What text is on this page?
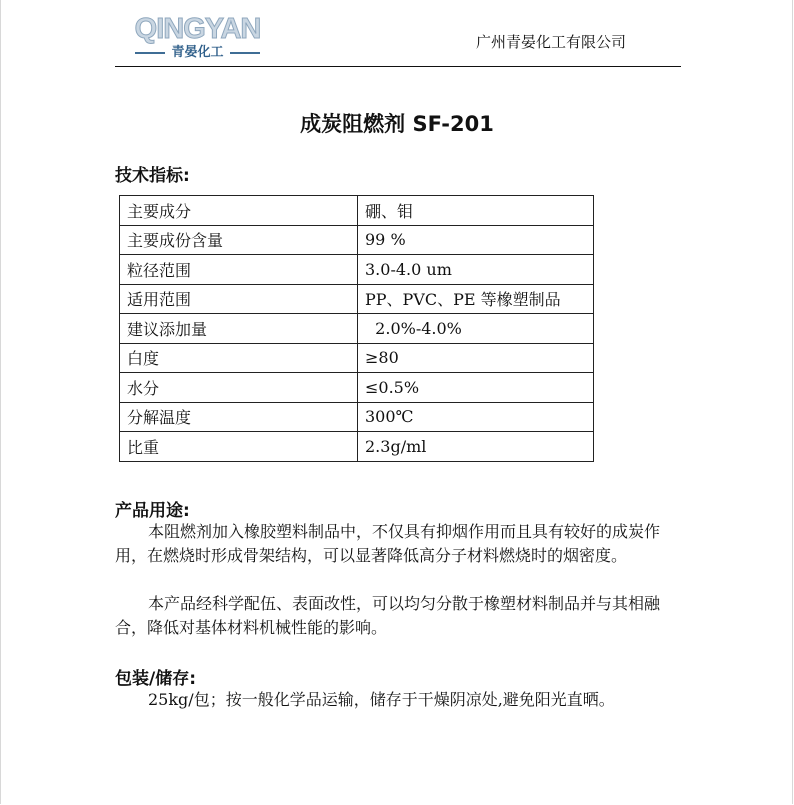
QINGYAN
青晏化工
广州青晏化工有限公司
成炭阻燃剂 SF-201
技术指标:
主要成分	硼、钼
主要成份含量	99 %
粒径范围	3.0-4.0 um
适用范围	PP、PVC、PE 等橡塑制品
建议添加量	2.0%-4.0%
白度	≥80
水分	≤0.5%
分解温度	300℃
比重	2.3g/ml
产品用途:
本阻燃剂加入橡胶塑料制品中，不仅具有抑烟作用而且具有较好的成炭作用，在燃烧时形成骨架结构，可以显著降低高分子材料燃烧时的烟密度。
本产品经科学配伍、表面改性，可以均匀分散于橡塑材料制品并与其相融合，降低对基体材料机械性能的影响。
包装/储存:
25kg/包；按一般化学品运输，储存于干燥阴凉处,避免阳光直晒。
